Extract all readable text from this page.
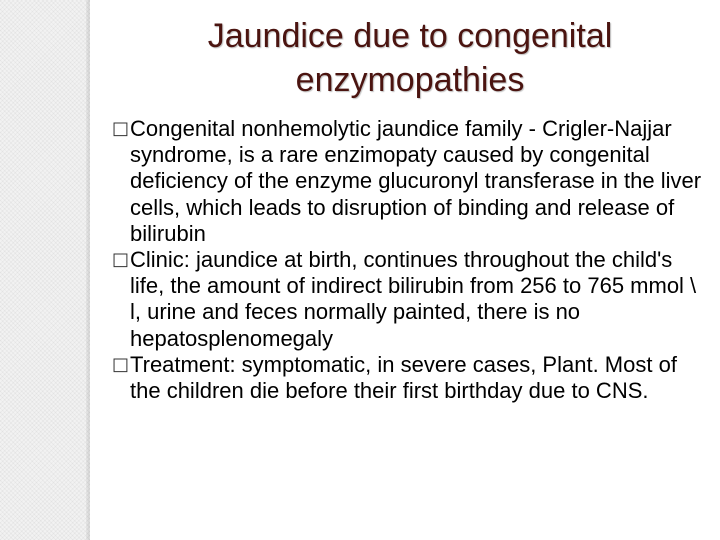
Jaundice due to congenital
enzymopathies
□
Congenital nonhemolytic jaundice family - Crigler-Najjar syndrome, is a rare enzimopaty caused by congenital deficiency of the enzyme glucuronyl transferase in the liver cells, which leads to disruption of binding and release of bilirubin
□
Clinic: jaundice at birth, continues throughout the child's life, the amount of indirect bilirubin from 256 to 765 mmol \ l, urine and feces normally painted, there is no hepatosplenomegaly
□
Treatment: symptomatic, in severe cases, Plant. Most of the children die before their first birthday due to CNS.
